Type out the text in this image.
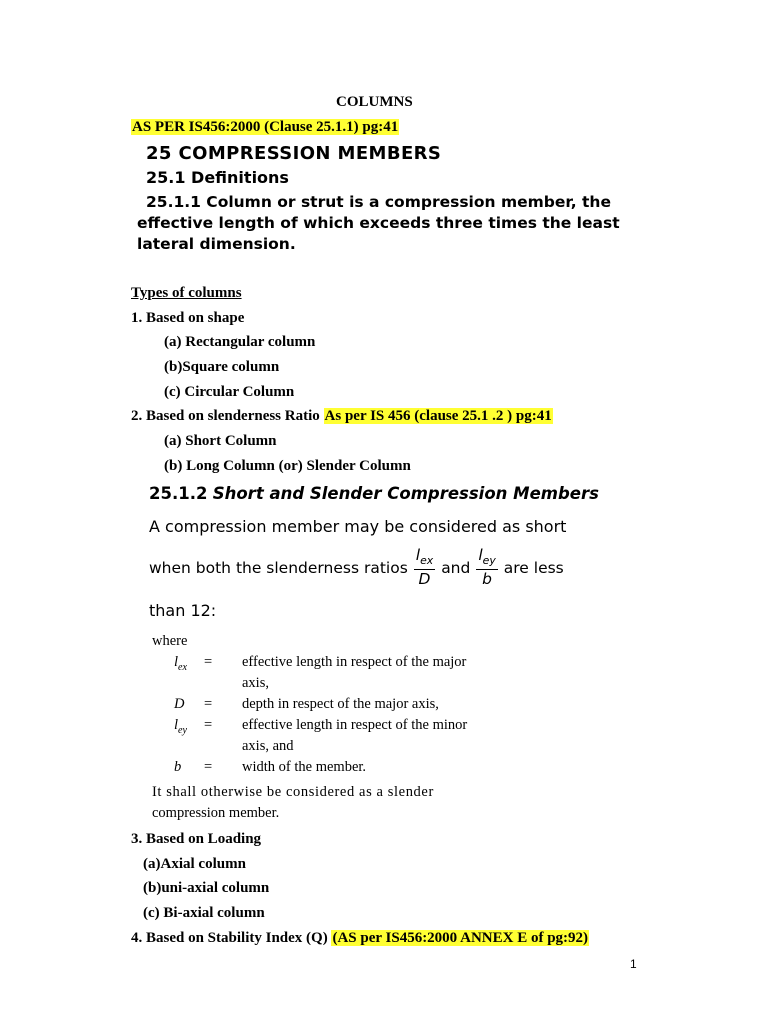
COLUMNS
AS PER IS456:2000 (Clause 25.1.1) pg:41
25 COMPRESSION MEMBERS
25.1 Definitions
25.1.1 Column or strut is a compression member, the
effective length of which exceeds three times the least
lateral dimension.
Types of columns
1. Based on shape
(a) Rectangular column
(b)Square column
(c) Circular Column
2. Based on slenderness Ratio As per IS 456 (clause 25.1 .2 ) pg:41
(a) Short Column
(b) Long Column (or) Slender Column
25.1.2 Short and Slender Compression Members
A compression member may be considered as short
when both the slenderness ratios $\frac{l_{ex}}{D}$ and $\frac{l_{ey}}{b}$ are less
than 12:
where
$l_{ex}$	=	effective length in respect of the major
axis,
D	=	depth in respect of the major axis,
$l_{ey}$	=	effective length in respect of the minor
axis, and
b	=	width of the member.
It shall otherwise be considered as a slender
compression member.
3. Based on Loading
(a)Axial column
(b)uni-axial column
(c) Bi-axial column
4. Based on Stability Index (Q) (AS per IS456:2000 ANNEX E of pg:92)
1
